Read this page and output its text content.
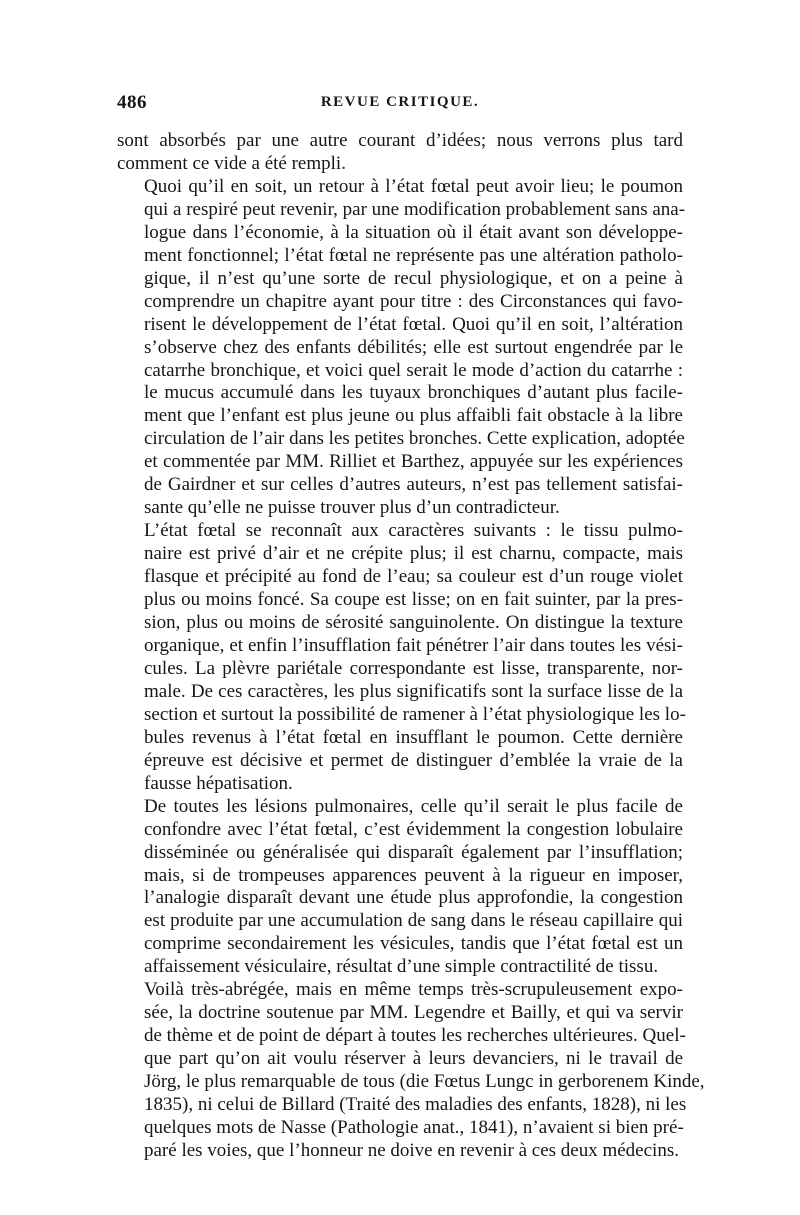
486	REVUE CRITIQUE.

sont absorbés par une autre courant d’idées; nous verrons plus tard
comment ce vide a été rempli.

Quoi qu’il en soit, un retour à l’état fœtal peut avoir lieu; le poumon
qui a respiré peut revenir, par une modification probablement sans ana-
logue dans l’économie, à la situation où il était avant son développe-
ment fonctionnel; l’état fœtal ne représente pas une altération patholo-
gique, il n’est qu’une sorte de recul physiologique, et on a peine à
comprendre un chapitre ayant pour titre : des Circonstances qui favo-
risent le développement de l’état fœtal. Quoi qu’il en soit, l’altération
s’observe chez des enfants débilités; elle est surtout engendrée par le
catarrhe bronchique, et voici quel serait le mode d’action du catarrhe :
le mucus accumulé dans les tuyaux bronchiques d’autant plus facile-
ment que l’enfant est plus jeune ou plus affaibli fait obstacle à la libre
circulation de l’air dans les petites bronches. Cette explication, adoptée
et commentée par MM. Rilliet et Barthez, appuyée sur les expériences
de Gairdner et sur celles d’autres auteurs, n’est pas tellement satisfai-
sante qu’elle ne puisse trouver plus d’un contradicteur.

L’état fœtal se reconnaît aux caractères suivants : le tissu pulmo-
naire est privé d’air et ne crépite plus; il est charnu, compacte, mais
flasque et précipité au fond de l’eau; sa couleur est d’un rouge violet
plus ou moins foncé. Sa coupe est lisse; on en fait suinter, par la pres-
sion, plus ou moins de sérosité sanguinolente. On distingue la texture
organique, et enfin l’insufflation fait pénétrer l’air dans toutes les vési-
cules. La plèvre pariétale correspondante est lisse, transparente, nor-
male. De ces caractères, les plus significatifs sont la surface lisse de la
section et surtout la possibilité de ramener à l’état physiologique les lo-
bules revenus à l’état fœtal en insufflant le poumon. Cette dernière
épreuve est décisive et permet de distinguer d’emblée la vraie de la
fausse hépatisation.

De toutes les lésions pulmonaires, celle qu’il serait le plus facile de
confondre avec l’état fœtal, c’est évidemment la congestion lobulaire
disséminée ou généralisée qui disparaît également par l’insufflation;
mais, si de trompeuses apparences peuvent à la rigueur en imposer,
l’analogie disparaît devant une étude plus approfondie, la congestion
est produite par une accumulation de sang dans le réseau capillaire qui
comprime secondairement les vésicules, tandis que l’état fœtal est un
affaissement vésiculaire, résultat d’une simple contractilité de tissu.

Voilà très-abrégée, mais en même temps très-scrupuleusement expo-
sée, la doctrine soutenue par MM. Legendre et Bailly, et qui va servir
de thème et de point de départ à toutes les recherches ultérieures. Quel-
que part qu’on ait voulu réserver à leurs devanciers, ni le travail de
Jörg, le plus remarquable de tous (die Fœtus Lungc in gerborenem Kinde,
1835), ni celui de Billard (Traité des maladies des enfants, 1828), ni les
quelques mots de Nasse (Pathologie anat., 1841), n’avaient si bien pré-
paré les voies, que l’honneur ne doive en revenir à ces deux médecins.
